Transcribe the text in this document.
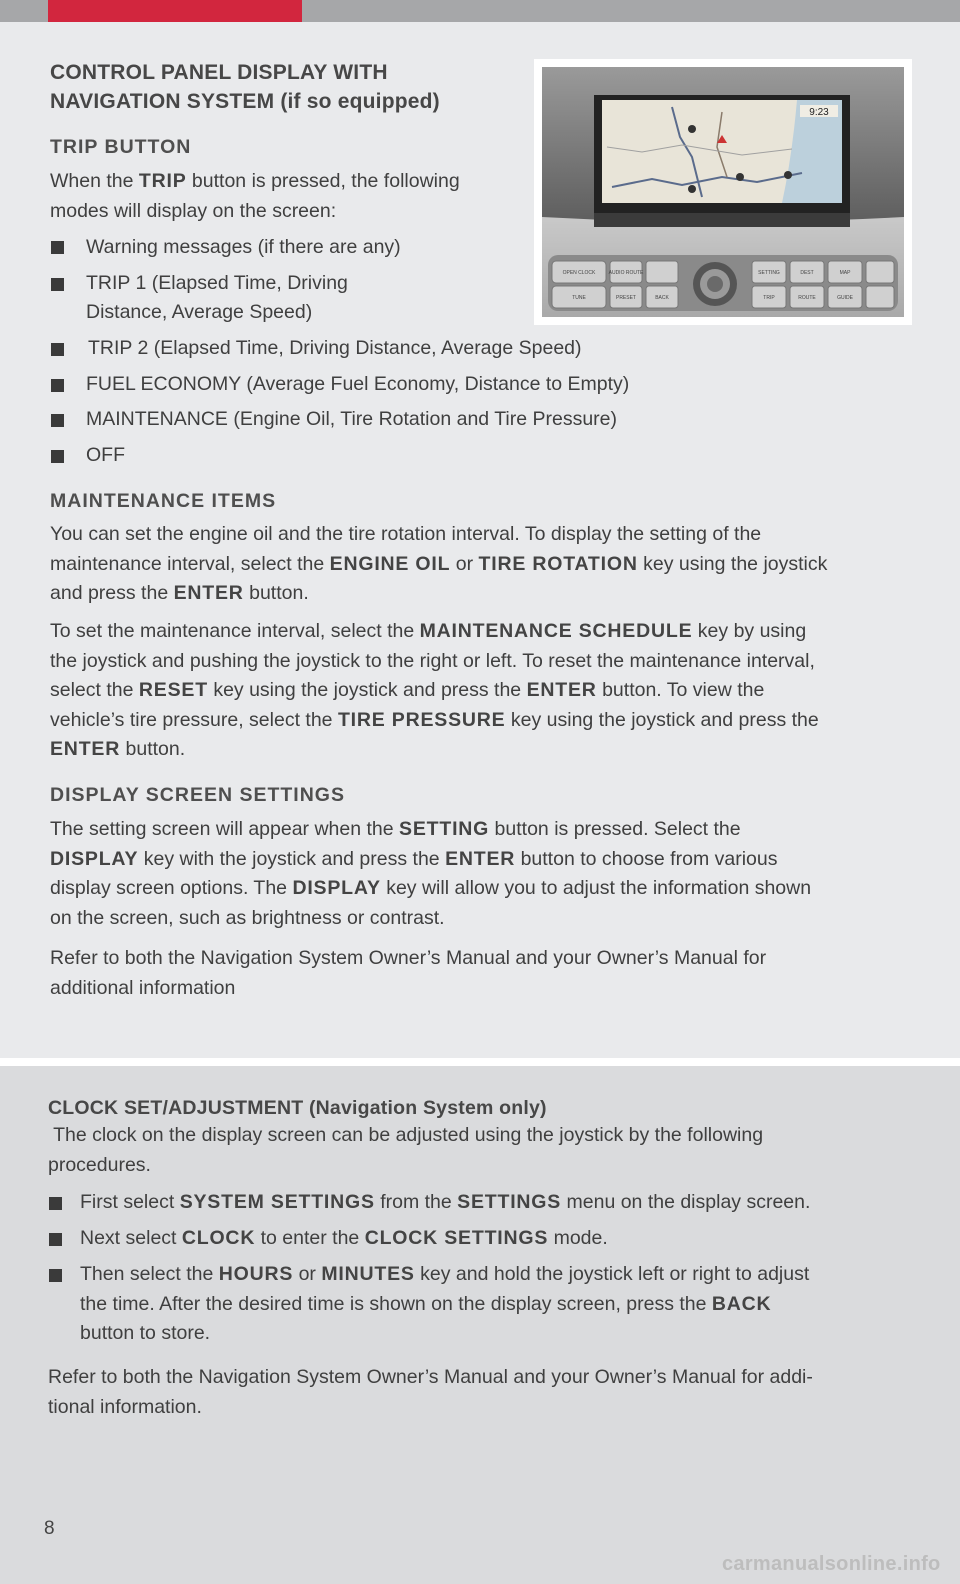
CONTROL PANEL DISPLAY WITH
NAVIGATION SYSTEM (if so equipped)	9:23
OPEN CLOCK	AUDIO ROUTE	SETTING	DEST	MAP
TUNE	PRESET	BACK	TRIP	ROUTE	GUIDE
TRIP BUTTON
When the TRIP button is pressed, the following
modes will display on the screen:
Warning messages (if there are any)
TRIP 1 (Elapsed Time, Driving
Distance, Average Speed)
TRIP 2 (Elapsed Time, Driving Distance, Average Speed)
FUEL ECONOMY (Average Fuel Economy, Distance to Empty)
MAINTENANCE (Engine Oil, Tire Rotation and Tire Pressure)
OFF
MAINTENANCE ITEMS
You can set the engine oil and the tire rotation interval. To display the setting of the
maintenance interval, select the ENGINE OIL or TIRE ROTATION key using the joystick
and press the ENTER button.
To set the maintenance interval, select the MAINTENANCE SCHEDULE key by using
the joystick and pushing the joystick to the right or left. To reset the maintenance interval,
select the RESET key using the joystick and press the ENTER button. To view the
vehicle’s tire pressure, select the TIRE PRESSURE key using the joystick and press the
ENTER button.
DISPLAY SCREEN SETTINGS
The setting screen will appear when the SETTING button is pressed. Select the
DISPLAY key with the joystick and press the ENTER button to choose from various
display screen options. The DISPLAY key will allow you to adjust the information shown
on the screen, such as brightness or contrast.
Refer to both the Navigation System Owner’s Manual and your Owner’s Manual for
additional information
CLOCK SET/ADJUSTMENT (Navigation System only)
The clock on the display screen can be adjusted using the joystick by the following
procedures.
First select SYSTEM SETTINGS from the SETTINGS menu on the display screen.
Next select CLOCK to enter the CLOCK SETTINGS mode.
Then select the HOURS or MINUTES key and hold the joystick left or right to adjust
the time. After the desired time is shown on the display screen, press the BACK
button to store.
Refer to both the Navigation System Owner’s Manual and your Owner’s Manual for addi-
tional information.
8
carmanualsonline.info
